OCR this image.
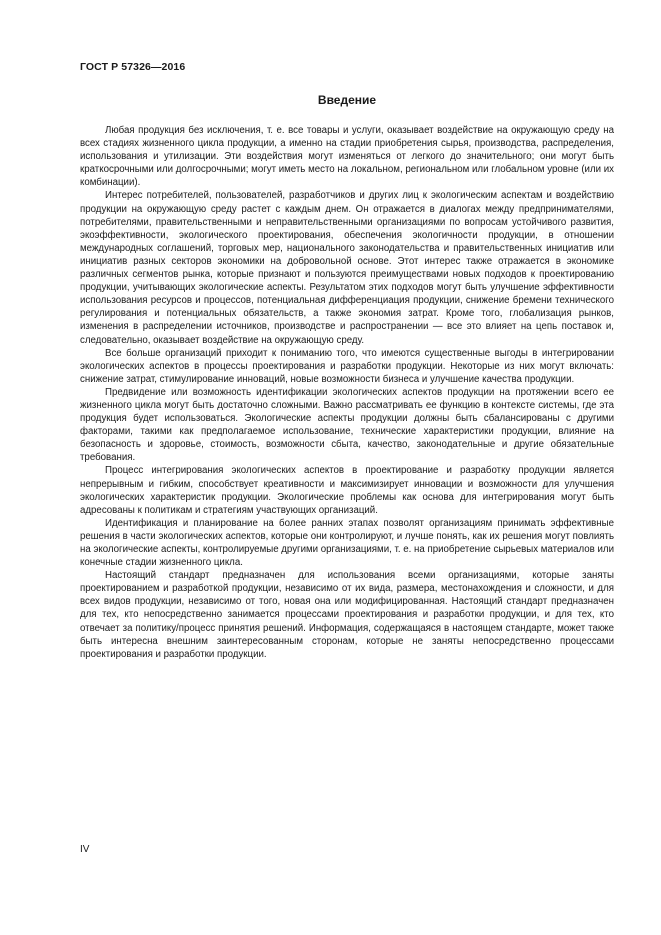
ГОСТ Р 57326—2016
Введение

Любая продукция без исключения, т. е. все товары и услуги, оказывает воздействие на окружающую среду на всех стадиях жизненного цикла продукции, а именно на стадии приобретения сырья, производства, распределения, использования и утилизации. Эти воздействия могут изменяться от легкого до значительного; они могут быть краткосрочными или долгосрочными; могут иметь место на локальном, региональном или глобальном уровне (или их комбинации).

Интерес потребителей, пользователей, разработчиков и других лиц к экологическим аспектам и воздействию продукции на окружающую среду растет с каждым днем. Он отражается в диалогах между предпринимателями, потребителями, правительственными и неправительственными организациями по вопросам устойчивого развития, экоэффективности, экологического проектирования, обеспечения экологичности продукции, в отношении международных соглашений, торговых мер, национального законодательства и правительственных инициатив или инициатив разных секторов экономики на добровольной основе. Этот интерес также отражается в экономике различных сегментов рынка, которые признают и пользуются преимуществами новых подходов к проектированию продукции, учитывающих экологические аспекты. Результатом этих подходов могут быть улучшение эффективности использования ресурсов и процессов, потенциальная дифференциация продукции, снижение бремени технического регулирования и потенциальных обязательств, а также экономия затрат. Кроме того, глобализация рынков, изменения в распределении источников, производстве и распространении — все это влияет на цепь поставок и, следовательно, оказывает воздействие на окружающую среду.

Все больше организаций приходит к пониманию того, что имеются существенные выгоды в интегрировании экологических аспектов в процессы проектирования и разработки продукции. Некоторые из них могут включать: снижение затрат, стимулирование инноваций, новые возможности бизнеса и улучшение качества продукции.

Предвидение или возможность идентификации экологических аспектов продукции на протяжении всего ее жизненного цикла могут быть достаточно сложными. Важно рассматривать ее функцию в контексте системы, где эта продукция будет использоваться. Экологические аспекты продукции должны быть сбалансированы с другими факторами, такими как предполагаемое использование, технические характеристики продукции, влияние на безопасность и здоровье, стоимость, возможности сбыта, качество, законодательные и другие обязательные требования.

Процесс интегрирования экологических аспектов в проектирование и разработку продукции является непрерывным и гибким, способствует креативности и максимизирует инновации и возможности для улучшения экологических характеристик продукции. Экологические проблемы как основа для интегрирования могут быть адресованы к политикам и стратегиям участвующих организаций.

Идентификация и планирование на более ранних этапах позволят организациям принимать эффективные решения в части экологических аспектов, которые они контролируют, и лучше понять, как их решения могут повлиять на экологические аспекты, контролируемые другими организациями, т. е. на приобретение сырьевых материалов или конечные стадии жизненного цикла.

Настоящий стандарт предназначен для использования всеми организациями, которые заняты проектированием и разработкой продукции, независимо от их вида, размера, местонахождения и сложности, и для всех видов продукции, независимо от того, новая она или модифицированная. Настоящий стандарт предназначен для тех, кто непосредственно занимается процессами проектирования и разработки продукции, и для тех, кто отвечает за политику/процесс принятия решений. Информация, содержащаяся в настоящем стандарте, может также быть интересна внешним заинтересованным сторонам, которые не заняты непосредственно процессами проектирования и разработки продукции.

IV
